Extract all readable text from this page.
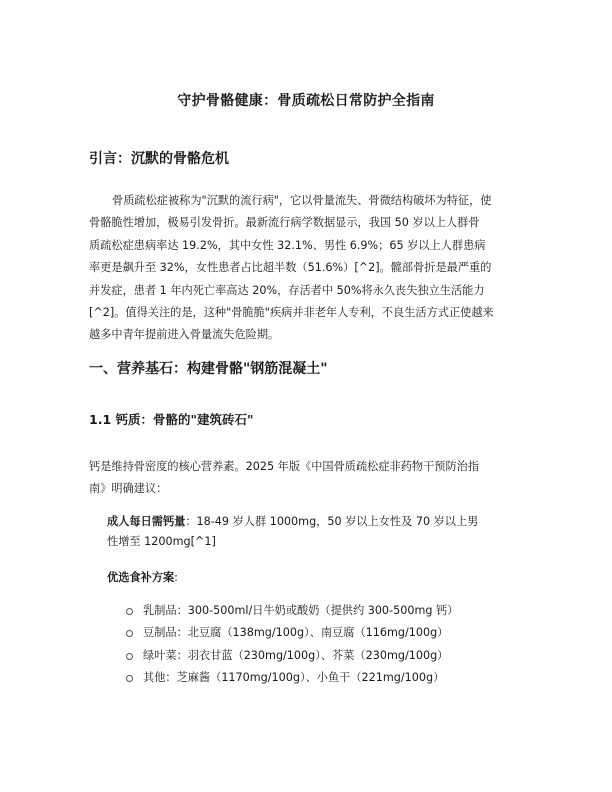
守护骨骼健康：骨质疏松日常防护全指南
引言：沉默的骨骼危机
骨质疏松症被称为"沉默的流行病"，它以骨量流失、骨微结构破坏为特征，使
骨骼脆性增加，极易引发骨折。最新流行病学数据显示，我国 50 岁以上人群骨
质疏松症患病率达 19.2%，其中女性 32.1%、男性 6.9%；65 岁以上人群患病
率更是飙升至 32%，女性患者占比超半数（51.6%）[^2]。髋部骨折是最严重的
并发症，患者 1 年内死亡率高达 20%，存活者中 50%将永久丧失独立生活能力
[^2]。值得关注的是，这种"骨脆脆"疾病并非老年人专利，不良生活方式正使越来
越多中青年提前进入骨量流失危险期。
一、营养基石：构建骨骼"钢筋混凝土"
1.1 钙质：骨骼的"建筑砖石"
钙是维持骨密度的核心营养素。2025 年版《中国骨质疏松症非药物干预防治指
南》明确建议：
成人每日需钙量：18-49 岁人群 1000mg，50 岁以上女性及 70 岁以上男
性增至 1200mg[^1]
优选食补方案:
乳制品：300-500ml/日牛奶或酸奶（提供约 300-500mg 钙）
豆制品：北豆腐（138mg/100g）、南豆腐（116mg/100g）
绿叶菜：羽衣甘蓝（230mg/100g）、芥菜（230mg/100g）
其他：芝麻酱（1170mg/100g）、小鱼干（221mg/100g）
